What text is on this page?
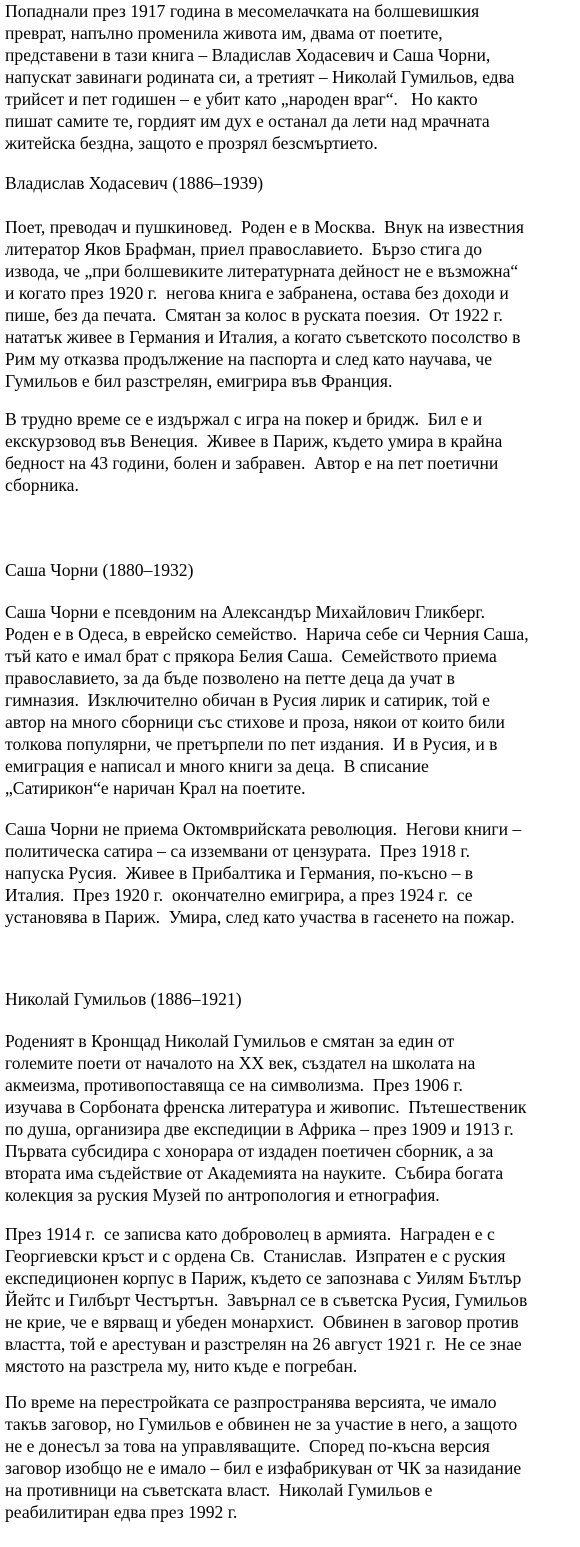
Попаднали през 1917 година в месомелачката на болшевишкия
преврат, напълно променила живота им, двама от поетите,
представени в тази книга – Владислав Ходасевич и Саша Чорни,
напускат завинаги родината си, а третият – Николай Гумильов, едва
трийсет и пет годишен – е убит като „народен враг“.   Но както
пишат самите те, гордият им дух е останал да лети над мрачната
житейска бездна, защото е прозрял безсмъртието.
Владислав Ходасевич (1886–1939)
Поет, преводач и пушкиновед.  Роден е в Москва.  Внук на известния
литератор Яков Брафман, приел православието.  Бързо стига до
извода, че „при болшевиките литературната дейност не е възможна“
и когато през 1920 г.  негова книга е забранена, остава без доходи и
пише, без да печата.  Смятан за колос в руската поезия.  От 1922 г.
нататък живее в Германия и Италия, а когато съветското посолство в
Рим му отказва продължение на паспорта и след като научава, че
Гумильов е бил разстрелян, емигрира във Франция.
В трудно време се е издържал с игра на покер и бридж.  Бил е и
екскурзовод във Венеция.  Живее в Париж, където умира в крайна
бедност на 43 години, болен и забравен.  Автор е на пет поетични
сборника.
Саша Чорни (1880–1932)
Саша Чорни е псевдоним на Александър Михайлович Гликберг.
Роден е в Одеса, в еврейско семейство.  Нарича себе си Черния Саша,
тъй като е имал брат с прякора Белия Саша.  Семейството приема
православието, за да бъде позволено на петте деца да учат в
гимназия.  Изключително обичан в Русия лирик и сатирик, той е
автор на много сборници със стихове и проза, някои от които били
толкова популярни, че претърпели по пет издания.  И в Русия, и в
емиграция е написал и много книги за деца.  В списание
„Сатирикон“е наричан Крал на поетите.
Саша Чорни не приема Октомврийската революция.  Негови книги –
политическа сатира – са изземвани от цензурата.  През 1918 г.
напуска Русия.  Живее в Прибалтика и Германия, по-късно – в
Италия.  През 1920 г.  окончателно емигрира, а през 1924 г.  се
установява в Париж.  Умира, след като участва в гасенето на пожар.
Николай Гумильов (1886–1921)
Роденият в Кронщад Николай Гумильов е смятан за един от
големите поети от началото на XX век, създател на школата на
акмеизма, противопоставяща се на символизма.  През 1906 г.
изучава в Сорбоната френска литература и живопис.  Пътешественик
по душа, организира две експедиции в Африка – през 1909 и 1913 г.
Първата субсидира с хонорара от издаден поетичен сборник, а за
втората има съдействие от Академията на науките.  Събира богата
колекция за руския Музей по антропология и етнография.
През 1914 г.  се записва като доброволец в армията.  Награден е с
Георгиевски кръст и с ордена Св.  Станислав.  Изпратен е с руския
експедиционен корпус в Париж, където се запознава с Уилям Бътлър
Йейтс и Гилбърт Честъртън.  Завърнал се в съветска Русия, Гумильов
не крие, че е вярващ и убеден монархист.  Обвинен в заговор против
властта, той е арестуван и разстрелян на 26 август 1921 г.  Не се знае
мястото на разстрела му, нито къде е погребан.
По време на перестройката се разпространява версията, че имало
такъв заговор, но Гумильов е обвинен не за участие в него, а защото
не е донесъл за това на управляващите.  Според по-късна версия
заговор изобщо не е имало – бил е изфабрикуван от ЧК за назидание
на противници на съветската власт.  Николай Гумильов е
реабилитиран едва през 1992 г.
